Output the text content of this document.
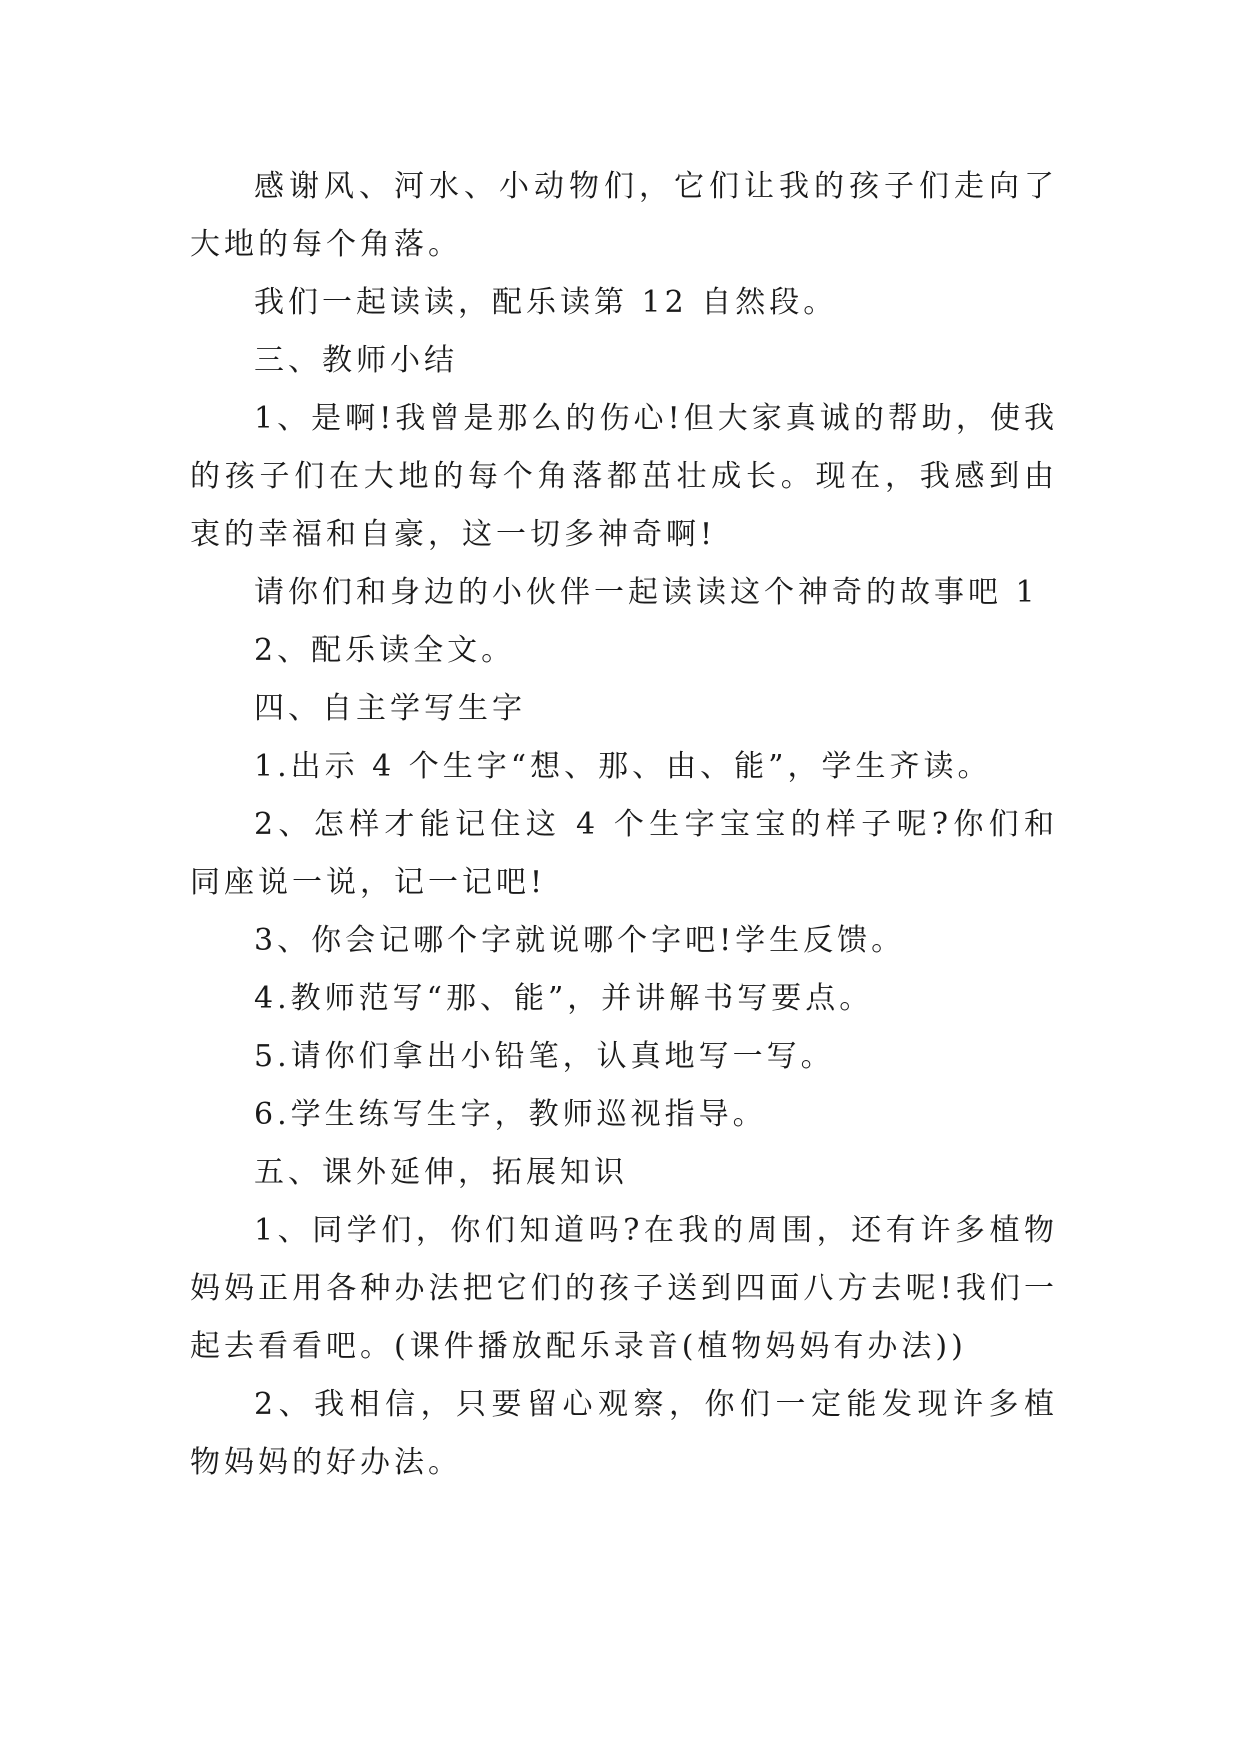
感谢风、河水、小动物们，它们让我的孩子们走向了大地的每个角落。

我们一起读读，配乐读第 12 自然段。

三、教师小结

1、是啊!我曾是那么的伤心!但大家真诚的帮助，使我的孩子们在大地的每个角落都茁壮成长。现在，我感到由衷的幸福和自豪，这一切多神奇啊!

请你们和身边的小伙伴一起读读这个神奇的故事吧 1

2、配乐读全文。

四、自主学写生字

1.出示 4 个生字“想、那、由、能”，学生齐读。

2、怎样才能记住这 4 个生字宝宝的样子呢?你们和同座说一说，记一记吧!

3、你会记哪个字就说哪个字吧!学生反馈。

4.教师范写“那、能”，并讲解书写要点。

5.请你们拿出小铅笔，认真地写一写。

6.学生练写生字，教师巡视指导。

五、课外延伸，拓展知识

1、同学们，你们知道吗?在我的周围，还有许多植物妈妈正用各种办法把它们的孩子送到四面八方去呢!我们一起去看看吧。(课件播放配乐录音(植物妈妈有办法))

2、我相信，只要留心观察，你们一定能发现许多植物妈妈的好办法。
